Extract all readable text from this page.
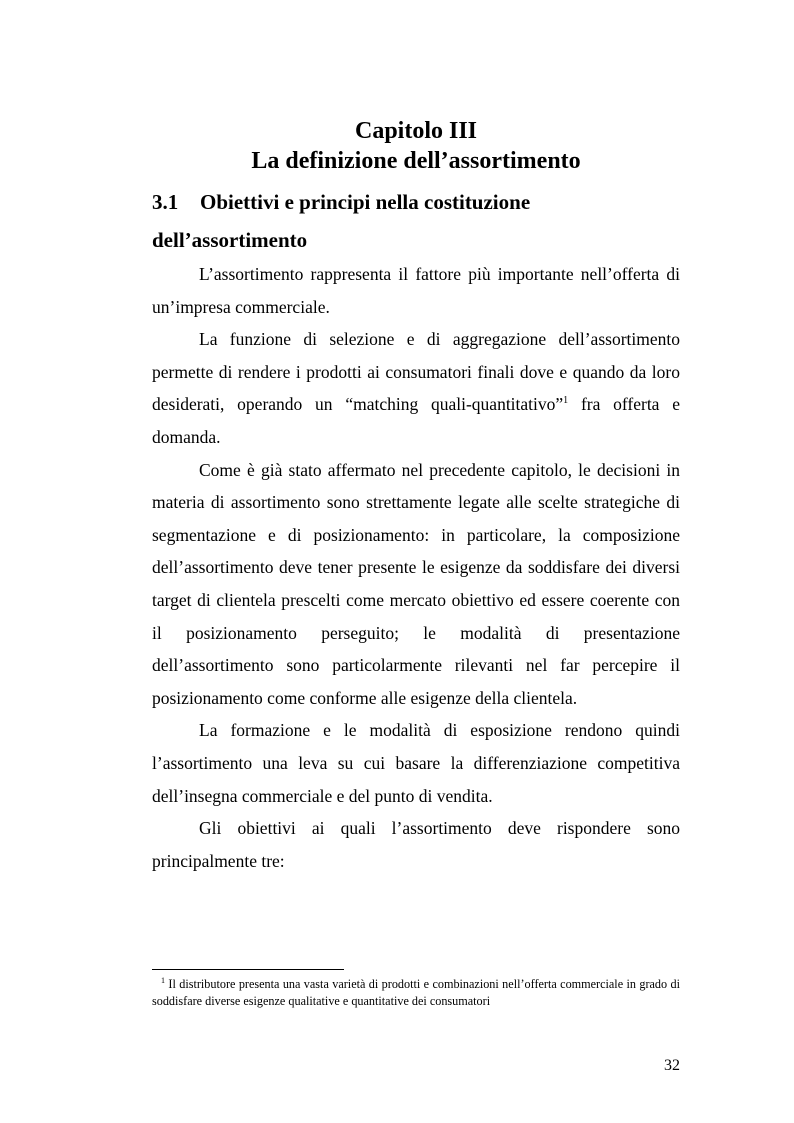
Capitolo III
La definizione dell’assortimento
3.1 Obiettivi e principi nella costituzione
dell’assortimento

L’assortimento rappresenta il fattore più importante nell’offerta di un’impresa commerciale.

La funzione di selezione e di aggregazione dell’assortimento permette di rendere i prodotti ai consumatori finali dove e quando da loro desiderati, operando un “matching quali-quantitativo”$^1$ fra offerta e domanda.

Come è già stato affermato nel precedente capitolo, le decisioni in materia di assortimento sono strettamente legate alle scelte strategiche di segmentazione e di posizionamento: in particolare, la composizione dell’assortimento deve tener presente le esigenze da soddisfare dei diversi target di clientela prescelti come mercato obiettivo ed essere coerente con il posizionamento perseguito; le modalità di presentazione dell’assortimento sono particolarmente rilevanti nel far percepire il posizionamento come conforme alle esigenze della clientela.

La formazione e le modalità di esposizione rendono quindi l’assortimento una leva su cui basare la differenziazione competitiva dell’insegna commerciale e del punto di vendita.

Gli obiettivi ai quali l’assortimento deve rispondere sono principalmente tre:

$^1$ Il distributore presenta una vasta varietà di prodotti e combinazioni nell’offerta commerciale in grado di soddisfare diverse esigenze qualitative e quantitative dei consumatori

32
